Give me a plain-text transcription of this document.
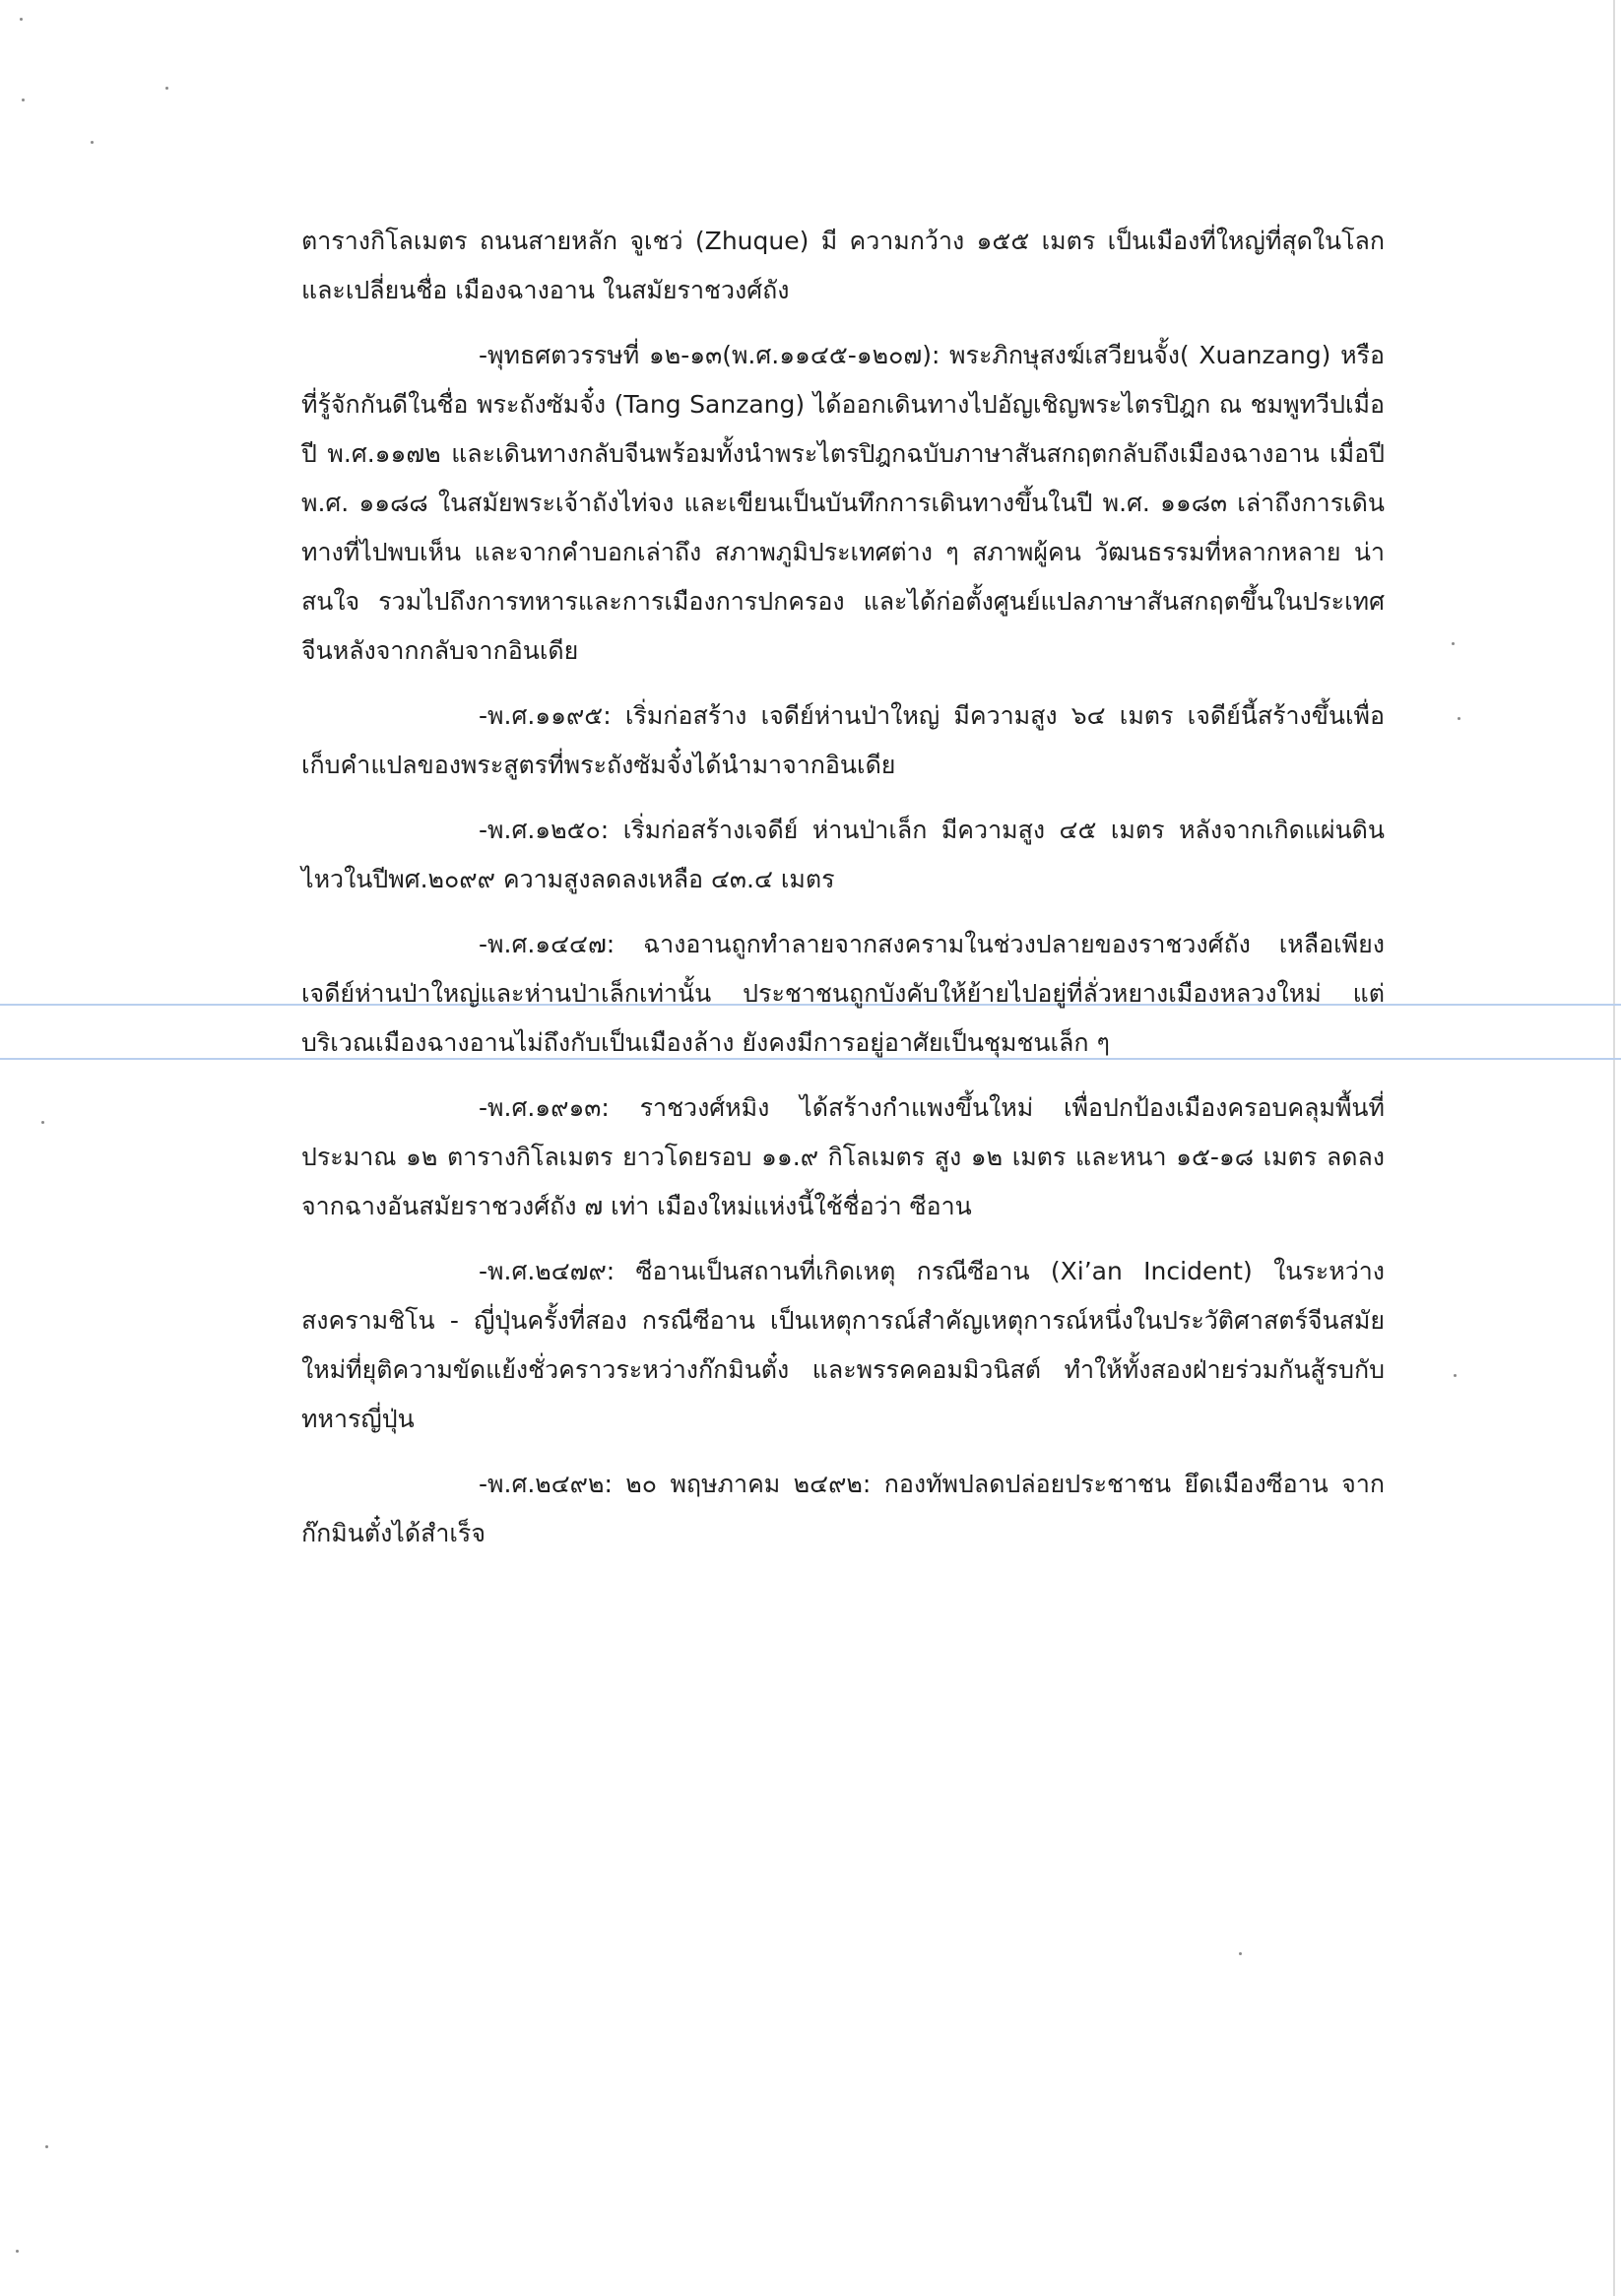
ตารางกิโลเมตร ถนนสายหลัก จูเชว่ (Zhuque) มี ความกว้าง ๑๕๕ เมตร เป็นเมืองที่ใหญ่ที่สุดในโลก และเปลี่ยนชื่อ เมืองฉางอาน ในสมัยราชวงศ์ถัง

-พุทธศตวรรษที่ ๑๒-๑๓(พ.ศ.๑๑๔๕-๑๒๐๗): พระภิกษุสงฆ์เสวียนจั้ง( Xuanzang) หรือที่รู้จักกันดีในชื่อ พระถังซัมจั๋ง (Tang Sanzang) ได้ออกเดินทางไปอัญเชิญพระไตรปิฎก ณ ชมพูทวีปเมื่อปี พ.ศ.๑๑๗๒ และเดินทางกลับจีนพร้อมทั้งนำพระไตรปิฎกฉบับภาษาสันสกฤตกลับถึงเมืองฉางอาน เมื่อปี พ.ศ. ๑๑๘๘ ในสมัยพระเจ้าถังไท่จง และเขียนเป็นบันทึกการเดินทางขึ้นในปี พ.ศ. ๑๑๘๓ เล่าถึงการเดินทางที่ไปพบเห็น และจากคำบอกเล่าถึง สภาพภูมิประเทศต่าง ๆ สภาพผู้คน วัฒนธรรมที่หลากหลาย น่าสนใจ รวมไปถึงการทหารและการเมืองการปกครอง และได้ก่อตั้งศูนย์แปลภาษาสันสกฤตขึ้นในประเทศจีนหลังจากกลับจากอินเดีย

-พ.ศ.๑๑๙๕: เริ่มก่อสร้าง เจดีย์ห่านป่าใหญ่ มีความสูง ๖๔ เมตร เจดีย์นี้สร้างขึ้นเพื่อเก็บคำแปลของพระสูตรที่พระถังซัมจั๋งได้นำมาจากอินเดีย

-พ.ศ.๑๒๕๐: เริ่มก่อสร้างเจดีย์ ห่านป่าเล็ก มีความสูง ๔๕ เมตร หลังจากเกิดแผ่นดินไหวในปีพศ.๒๐๙๙ ความสูงลดลงเหลือ ๔๓.๔ เมตร

-พ.ศ.๑๔๔๗: ฉางอานถูกทำลายจากสงครามในช่วงปลายของราชวงศ์ถัง เหลือเพียงเจดีย์ห่านป่าใหญ่และห่านป่าเล็กเท่านั้น ประชาชนถูกบังคับให้ย้ายไปอยู่ที่ลั่วหยางเมืองหลวงใหม่ แต่บริเวณเมืองฉางอานไม่ถึงกับเป็นเมืองล้าง ยังคงมีการอยู่อาศัยเป็นชุมชนเล็ก ๆ

-พ.ศ.๑๙๑๓: ราชวงศ์หมิง ได้สร้างกำแพงขึ้นใหม่ เพื่อปกป้องเมืองครอบคลุมพื้นที่ประมาณ ๑๒ ตารางกิโลเมตร ยาวโดยรอบ ๑๑.๙ กิโลเมตร สูง ๑๒ เมตร และหนา ๑๕-๑๘ เมตร ลดลงจากฉางอันสมัยราชวงศ์ถัง ๗ เท่า เมืองใหม่แห่งนี้ใช้ชื่อว่า ซีอาน

-พ.ศ.๒๔๗๙: ซีอานเป็นสถานที่เกิดเหตุ กรณีซีอาน (Xi’an Incident) ในระหว่างสงครามชิโน - ญี่ปุ่นครั้งที่สอง กรณีซีอาน เป็นเหตุการณ์สำคัญเหตุการณ์หนึ่งในประวัติศาสตร์จีนสมัยใหม่ที่ยุติความขัดแย้งชั่วคราวระหว่างก๊กมินตั๋ง และพรรคคอมมิวนิสต์ ทำให้ทั้งสองฝ่ายร่วมกันสู้รบกับทหารญี่ปุ่น

-พ.ศ.๒๔๙๒: ๒๐ พฤษภาคม ๒๔๙๒: กองทัพปลดปล่อยประชาชน ยึดเมืองซีอาน จาก ก๊กมินตั๋งได้สำเร็จ
